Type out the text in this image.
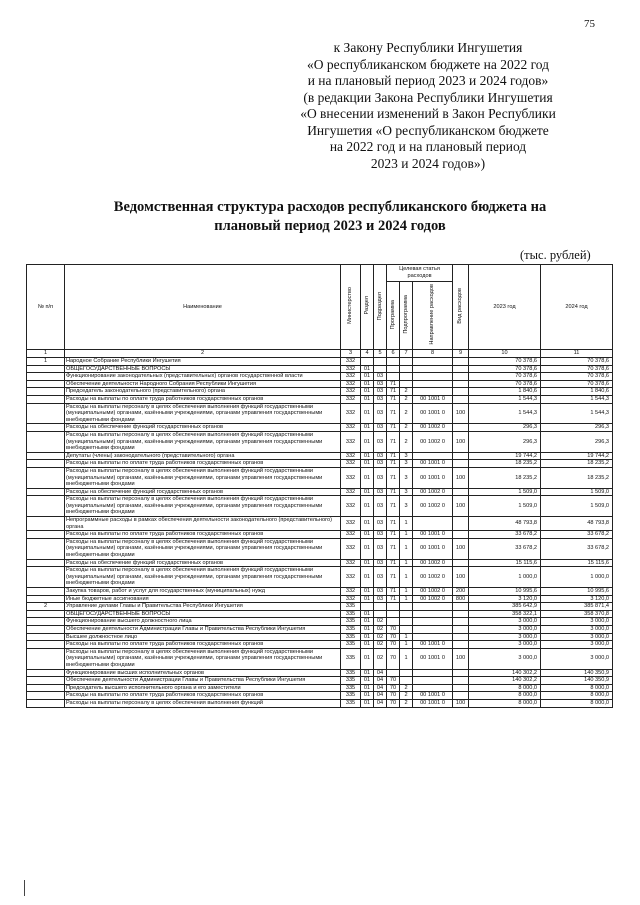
75
к Закону Республики Ингушетия
«О республиканском бюджете на 2022 год
и на плановый период 2023 и 2024 годов»
(в редакции Закона Республики Ингушетия
«О внесении изменений в Закон Республики
Ингушетия «О республиканском бюджете
на 2022 год и на плановый период
2023 и 2024 годов»)
Ведомственная структура расходов республиканского бюджета на
плановый период 2023 и 2024 годов
(тыс. рублей)
№ п/п	Наименование	Министерство	Раздел	Подраздел	Целевая статья расходов			Вид расходов	2023 год	2024 год
					Программа	Подпрограмма	Направление расходов			
1	2	3	4	5	6	7	8	9	10	11
1	Народное Собрание Республики Ингушетия	332							70 378,6	70 378,6
	ОБЩЕГОСУДАРСТВЕННЫЕ ВОПРОСЫ	332	01						70 378,6	70 378,6
	Функционирование законодательных (представительных) органов государственной власти	332	01	03					70 378,6	70 378,6
	Обеспечение деятельности Народного Собрания Республики Ингушетия	332	01	03	71				70 378,6	70 378,6
	Председатель законодательного (представительного) органа	332	01	03	71	2			1 840,6	1 840,6
	Расходы на выплаты по оплате труда работников государственных органов	332	01	03	71	2	00 1001 0		1 544,3	1 544,3
	Расходы на выплаты персоналу в целях обеспечения выполнения функций государственными (муниципальными) органами, казёнными учреждениями, органами управления государственными внебюджетными фондами	332	01	03	71	2	00 1001 0	100	1 544,3	1 544,3
	Расходы на обеспечение функций государственных органов	332	01	03	71	2	00 1002 0		296,3	296,3
	Расходы на выплаты персоналу в целях обеспечения выполнения функций государственными (муниципальными) органами, казёнными учреждениями, органами управления государственными внебюджетными фондами	332	01	03	71	2	00 1002 0	100	296,3	296,3
	Депутаты (члены) законодательного (представительного) органа	332	01	03	71	3			19 744,2	19 744,2
	Расходы на выплаты по оплате труда работников государственных органов	332	01	03	71	3	00 1001 0		18 235,2	18 235,2
	Расходы на выплаты персоналу в целях обеспечения выполнения функций государственными (муниципальными) органами, казёнными учреждениями, органами управления государственными внебюджетными фондами	332	01	03	71	3	00 1001 0	100	18 235,2	18 235,2
	Расходы на обеспечение функций государственных органов	332	01	03	71	3	00 1002 0		1 509,0	1 509,0
	Расходы на выплаты персоналу в целях обеспечения выполнения функций государственными (муниципальными) органами, казёнными учреждениями, органами управления государственными внебюджетными фондами	332	01	03	71	3	00 1002 0	100	1 509,0	1 509,0
	Непрограммные расходы в рамках обеспечения деятельности законодательного (представительного) органа	332	01	03	71	1			48 793,8	48 793,8
	Расходы на выплаты по оплате труда работников государственных органов	332	01	03	71	1	00 1001 0		33 678,2	33 678,2
	Расходы на выплаты персоналу в целях обеспечения выполнения функций государственными (муниципальными) органами, казёнными учреждениями, органами управления государственными внебюджетными фондами	332	01	03	71	1	00 1001 0	100	33 678,2	33 678,2
	Расходы на обеспечение функций государственных органов	332	01	03	71	1	00 1002 0		15 115,6	15 115,6
	Расходы на выплаты персоналу в целях обеспечения выполнения функций государственными (муниципальными) органами, казёнными учреждениями, органами управления государственными внебюджетными фондами	332	01	03	71	1	00 1002 0	100	1 000,0	1 000,0
	Закупка товаров, работ и услуг для государственных (муниципальных) нужд	332	01	03	71	1	00 1002 0	200	10 995,6	10 995,6
	Иные бюджетные ассигнования	332	01	03	71	1	00 1002 0	800	3 120,0	3 120,0
2	Управление делами Главы и Правительства Республики Ингушетия	335							385 642,9	385 871,4
	ОБЩЕГОСУДАРСТВЕННЫЕ ВОПРОСЫ	335	01						358 322,1	358 370,8
	Функционирование высшего должностного лица	335	01	02					3 000,0	3 000,0
	Обеспечение деятельности Администрации Главы и Правительства Республики Ингушетия	335	01	02	70				3 000,0	3 000,0
	Высшее должностное лицо	335	01	02	70	1			3 000,0	3 000,0
	Расходы на выплаты по оплате труда работников государственных органов	335	01	02	70	1	00 1001 0		3 000,0	3 000,0
	Расходы на выплаты персоналу в целях обеспечения выполнения функций государственными (муниципальными) органами, казёнными учреждениями, органами управления государственными внебюджетными фондами	335	01	02	70	1	00 1001 0	100	3 000,0	3 000,0
	Функционирование высших исполнительных органов	335	01	04					140 302,2	140 350,9
	Обеспечение деятельности Администрации Главы и Правительства Республики Ингушетия	335	01	04	70				140 302,2	140 350,9
	Председатель высшего исполнительного органа и его заместители	335	01	04	70	2			8 000,0	8 000,0
	Расходы на выплаты по оплате труда работников государственных органов	335	01	04	70	2	00 1001 0		8 000,0	8 000,0
	Расходы на выплаты персоналу в целях обеспечения выполнения функций	335	01	04	70	2	00 1001 0	100	8 000,0	8 000,0
